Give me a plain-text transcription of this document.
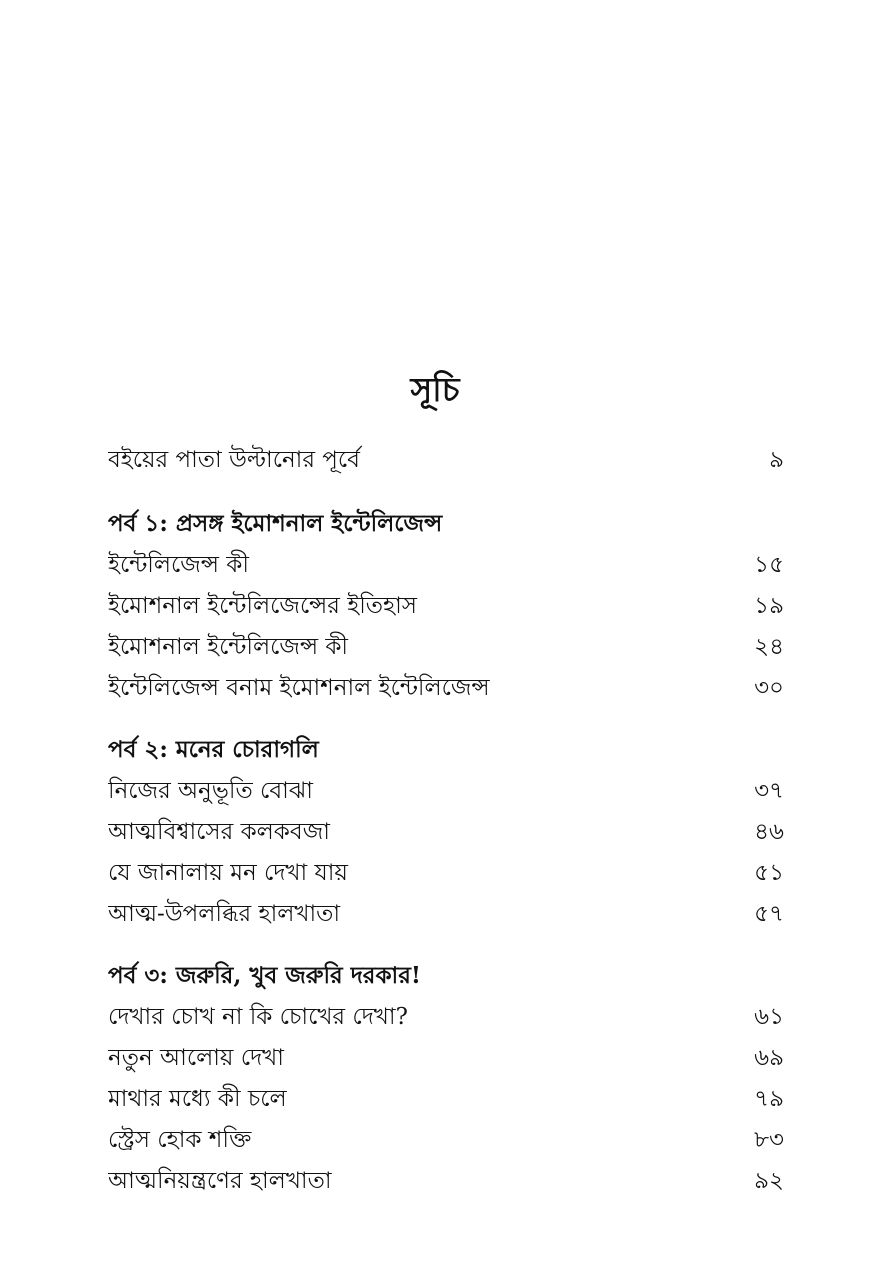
সূচি
বইয়ের পাতা উল্টানোর পূর্বে	৯
পর্ব ১: প্রসঙ্গ ইমোশনাল ইন্টেলিজেন্স
ইন্টেলিজেন্স কী	১৫
ইমোশনাল ইন্টেলিজেন্সের ইতিহাস	১৯
ইমোশনাল ইন্টেলিজেন্স কী	২৪
ইন্টেলিজেন্স বনাম ইমোশনাল ইন্টেলিজেন্স	৩০
পর্ব ২: মনের চোরাগলি
নিজের অনুভূতি বোঝা	৩৭
আত্মবিশ্বাসের কলকবজা	৪৬
যে জানালায় মন দেখা যায়	৫১
আত্ম-উপলব্ধির হালখাতা	৫৭
পর্ব ৩: জরুরি, খুব জরুরি দরকার!
দেখার চোখ না কি চোখের দেখা?	৬১
নতুন আলোয় দেখা	৬৯
মাথার মধ্যে কী চলে	৭৯
স্ট্রেস হোক শক্তি	৮৩
আত্মনিয়ন্ত্রণের হালখাতা	৯২
